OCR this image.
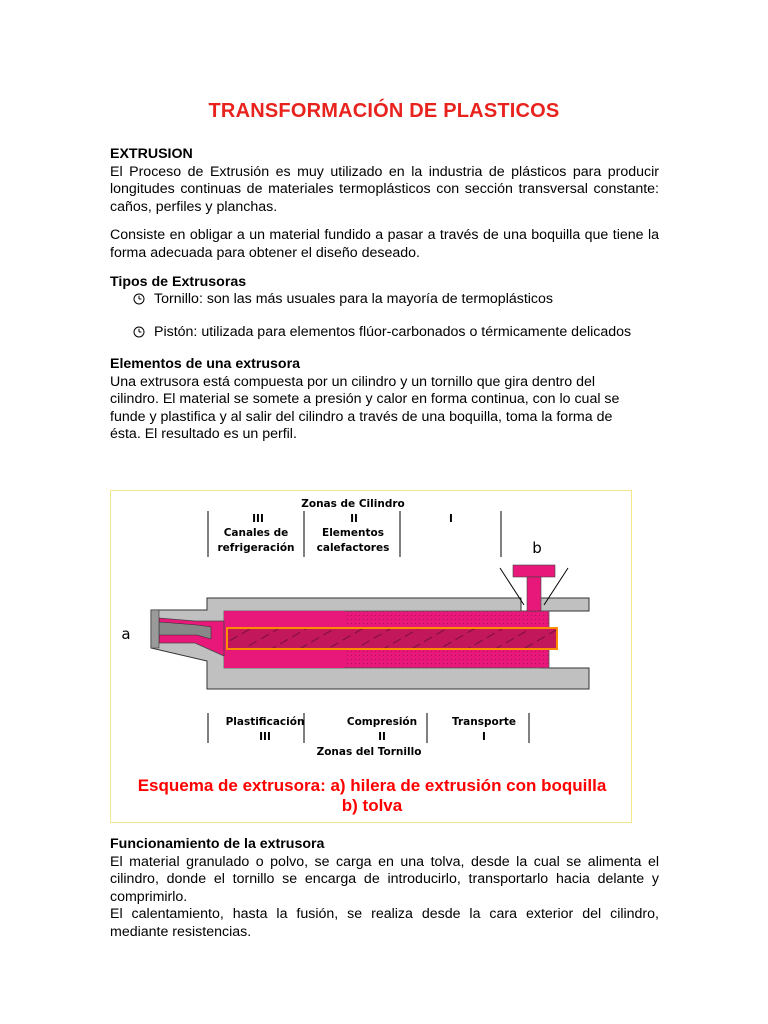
TRANSFORMACIÓN DE PLASTICOS
EXTRUSION

El Proceso de Extrusión es muy utilizado en la industria de plásticos para producir longitudes continuas de materiales termoplásticos con sección transversal constante: caños, perfiles y planchas.

Consiste en obligar a un material fundido a pasar a través de una boquilla que tiene la forma adecuada para obtener el diseño deseado.

Tipos de Extrusoras
Tornillo: son las más usuales para la mayoría de termoplásticos
Pistón: utilizada para elementos flúor-carbonados o térmicamente delicados
Elementos de una extrusora

Una extrusora está compuesta por un cilindro y un tornillo que gira dentro del cilindro. El material se somete a presión y calor en forma continua, con lo cual se funde y plastifica y al salir del cilindro a través de una boquilla, toma la forma de ésta. El resultado es un perfil.

Zonas de Cilindro
III
Canales de
refrigeración
II
Elementos
calefactores
I
b
a
Plastificación
III
Compresión
II
Transporte
I
Zonas del Tornillo
Esquema de extrusora: a) hilera de extrusión con boquilla
b) tolva
Funcionamiento de la extrusora

El material granulado o polvo, se carga en una tolva, desde la cual se alimenta el cilindro, donde el tornillo se encarga de introducirlo, transportarlo hacia delante y comprimirlo.

El calentamiento, hasta la fusión, se realiza desde la cara exterior del cilindro, mediante resistencias.
